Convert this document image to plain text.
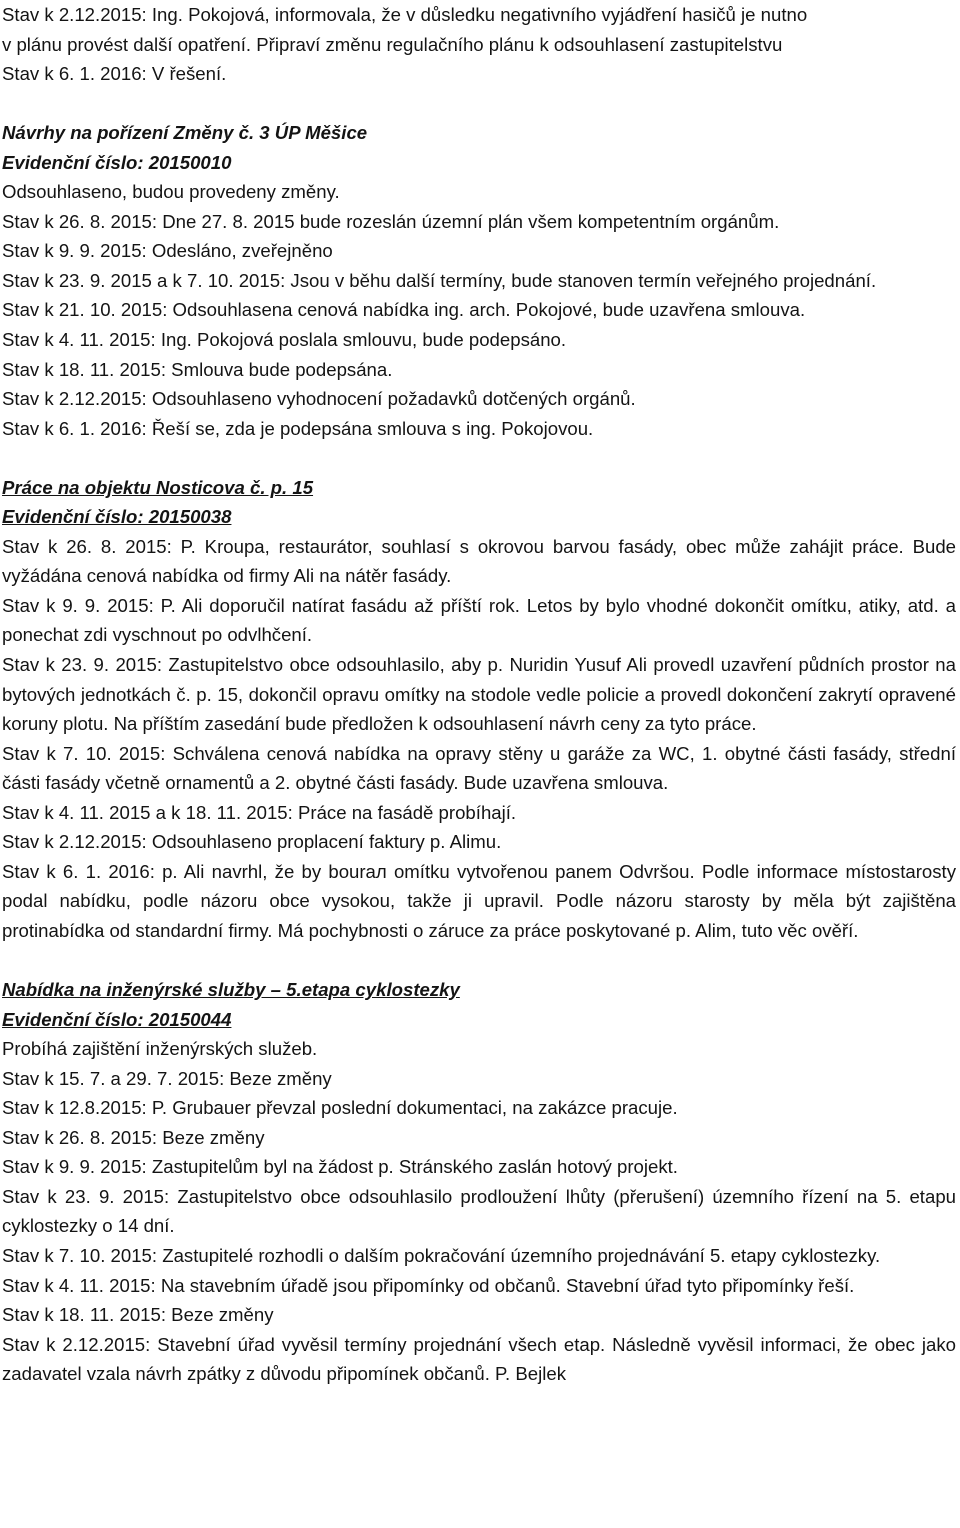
Stav k 2.12.2015: Ing. Pokojová, informovala, že v důsledku negativního vyjádření hasičů je nutno

v plánu provést další opatření. Připraví změnu regulačního plánu k odsouhlasení zastupitelstvu

Stav k 6. 1. 2016: V řešení.

Návrhy na pořízení Změny č. 3 ÚP Měšice

Evidenční číslo: 20150010

Odsouhlaseno, budou provedeny změny.

Stav k 26. 8. 2015: Dne 27. 8. 2015 bude rozeslán územní plán všem kompetentním orgánům.

Stav k 9. 9. 2015: Odesláno, zveřejněno

Stav k 23. 9. 2015 a k 7. 10. 2015: Jsou v běhu další termíny, bude stanoven termín veřejného projednání.

Stav k 21. 10. 2015: Odsouhlasena cenová nabídka ing. arch. Pokojové, bude uzavřena smlouva.

Stav k 4. 11. 2015: Ing. Pokojová poslala smlouvu, bude podepsáno.

Stav k 18. 11. 2015: Smlouva bude podepsána.

Stav k 2.12.2015: Odsouhlaseno vyhodnocení požadavků dotčených orgánů.

Stav k 6. 1. 2016: Řeší se, zda je podepsána smlouva s ing. Pokojovou.

Práce na objektu Nosticova č. p. 15

Evidenční číslo: 20150038

Stav k 26. 8. 2015: P. Kroupa, restaurátor, souhlasí s okrovou barvou fasády, obec může zahájit práce. Bude vyžádána cenová nabídka od firmy Ali na nátěr fasády.

Stav k 9. 9. 2015: P. Ali doporučil natírat fasádu až příští rok. Letos by bylo vhodné dokončit omítku, atiky, atd. a ponechat zdi vyschnout po odvlhčení.

Stav k 23. 9. 2015: Zastupitelstvo obce odsouhlasilo, aby p. Nuridin Yusuf Ali provedl uzavření půdních prostor na bytových jednotkách č. p. 15, dokončil opravu omítky na stodole vedle policie a provedl dokončení zakrytí opravené koruny plotu. Na příštím zasedání bude předložen k odsouhlasení návrh ceny za tyto práce.

Stav k 7. 10. 2015: Schválena cenová nabídka na opravy stěny u garáže za WC, 1. obytné části fasády, střední části fasády včetně ornamentů a 2. obytné části fasády. Bude uzavřena smlouva.

Stav k 4. 11. 2015 a k 18. 11. 2015: Práce na fasádě probíhají.

Stav k 2.12.2015: Odsouhlaseno proplacení faktury p. Alimu.

Stav k 6. 1. 2016: p. Ali navrhl, že by bourал omítku vytvořenou panem Odvršou. Podle informace místostarosty podal nabídku, podle názoru obce vysokou, takže ji upravil. Podle názoru starosty by měla být zajištěna protinabídka od standardní firmy. Má pochybnosti o záruce za práce poskytované p. Alim, tuto věc ověří.

Nabídka na inženýrské služby – 5.etapa cyklostezky

Evidenční číslo: 20150044

Probíhá zajištění inženýrských služeb.

Stav k 15. 7. a 29. 7. 2015: Beze změny

Stav k 12.8.2015: P. Grubauer převzal poslední dokumentaci, na zakázce pracuje.

Stav k 26. 8. 2015: Beze změny

Stav k 9. 9. 2015: Zastupitelům byl na žádost p. Stránského zaslán hotový projekt.

Stav k 23. 9. 2015: Zastupitelstvo obce odsouhlasilo prodloužení lhůty (přerušení) územního řízení na 5. etapu cyklostezky o 14 dní.

Stav k 7. 10. 2015: Zastupitelé rozhodli o dalším pokračování územního projednávání 5. etapy cyklostezky.

Stav k 4. 11. 2015: Na stavebním úřadě jsou připomínky od občanů. Stavební úřad tyto připomínky řeší.

Stav k 18. 11. 2015: Beze změny

Stav k 2.12.2015: Stavební úřad vyvěsil termíny projednání všech etap. Následně vyvěsil informaci, že obec jako zadavatel vzala návrh zpátky z důvodu připomínek občanů. P. Bejlek
